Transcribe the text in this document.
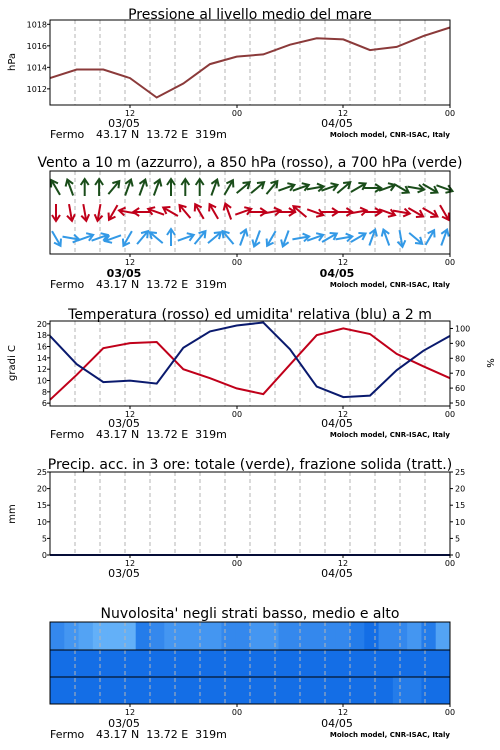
Pressione al livello medio del mare
1012
1014
1016
1018
hPa
12	00	12	00
03/05	04/05
Fermo 43.17 N  13.72 E  319m	Moloch model, CNR-ISAC, Italy
Vento a 10 m (azzurro), a 850 hPa (rosso), a 700 hPa (verde)
12	00	12	00
03/05	04/05
Fermo 43.17 N  13.72 E  319m	Moloch model, CNR-ISAC, Italy
Temperatura (rosso) ed umidita' relativa (blu) a 2 m
6
8
10
12
14
16
18
20
50
60
70
80
90
100
gradi C	%
12	00	12	00
03/05	04/05
Fermo 43.17 N  13.72 E  319m	Moloch model, CNR-ISAC, Italy
Precip. acc. in 3 ore: totale (verde), frazione solida (tratt.)
0
5
10
15
20
25
0
5
10
15
20
25
mm
12	00	12	00
03/05	04/05
Nuvolosita' negli strati basso, medio e alto
12	00	12	00
03/05	04/05
Fermo 43.17 N  13.72 E  319m	Moloch model, CNR-ISAC, Italy
